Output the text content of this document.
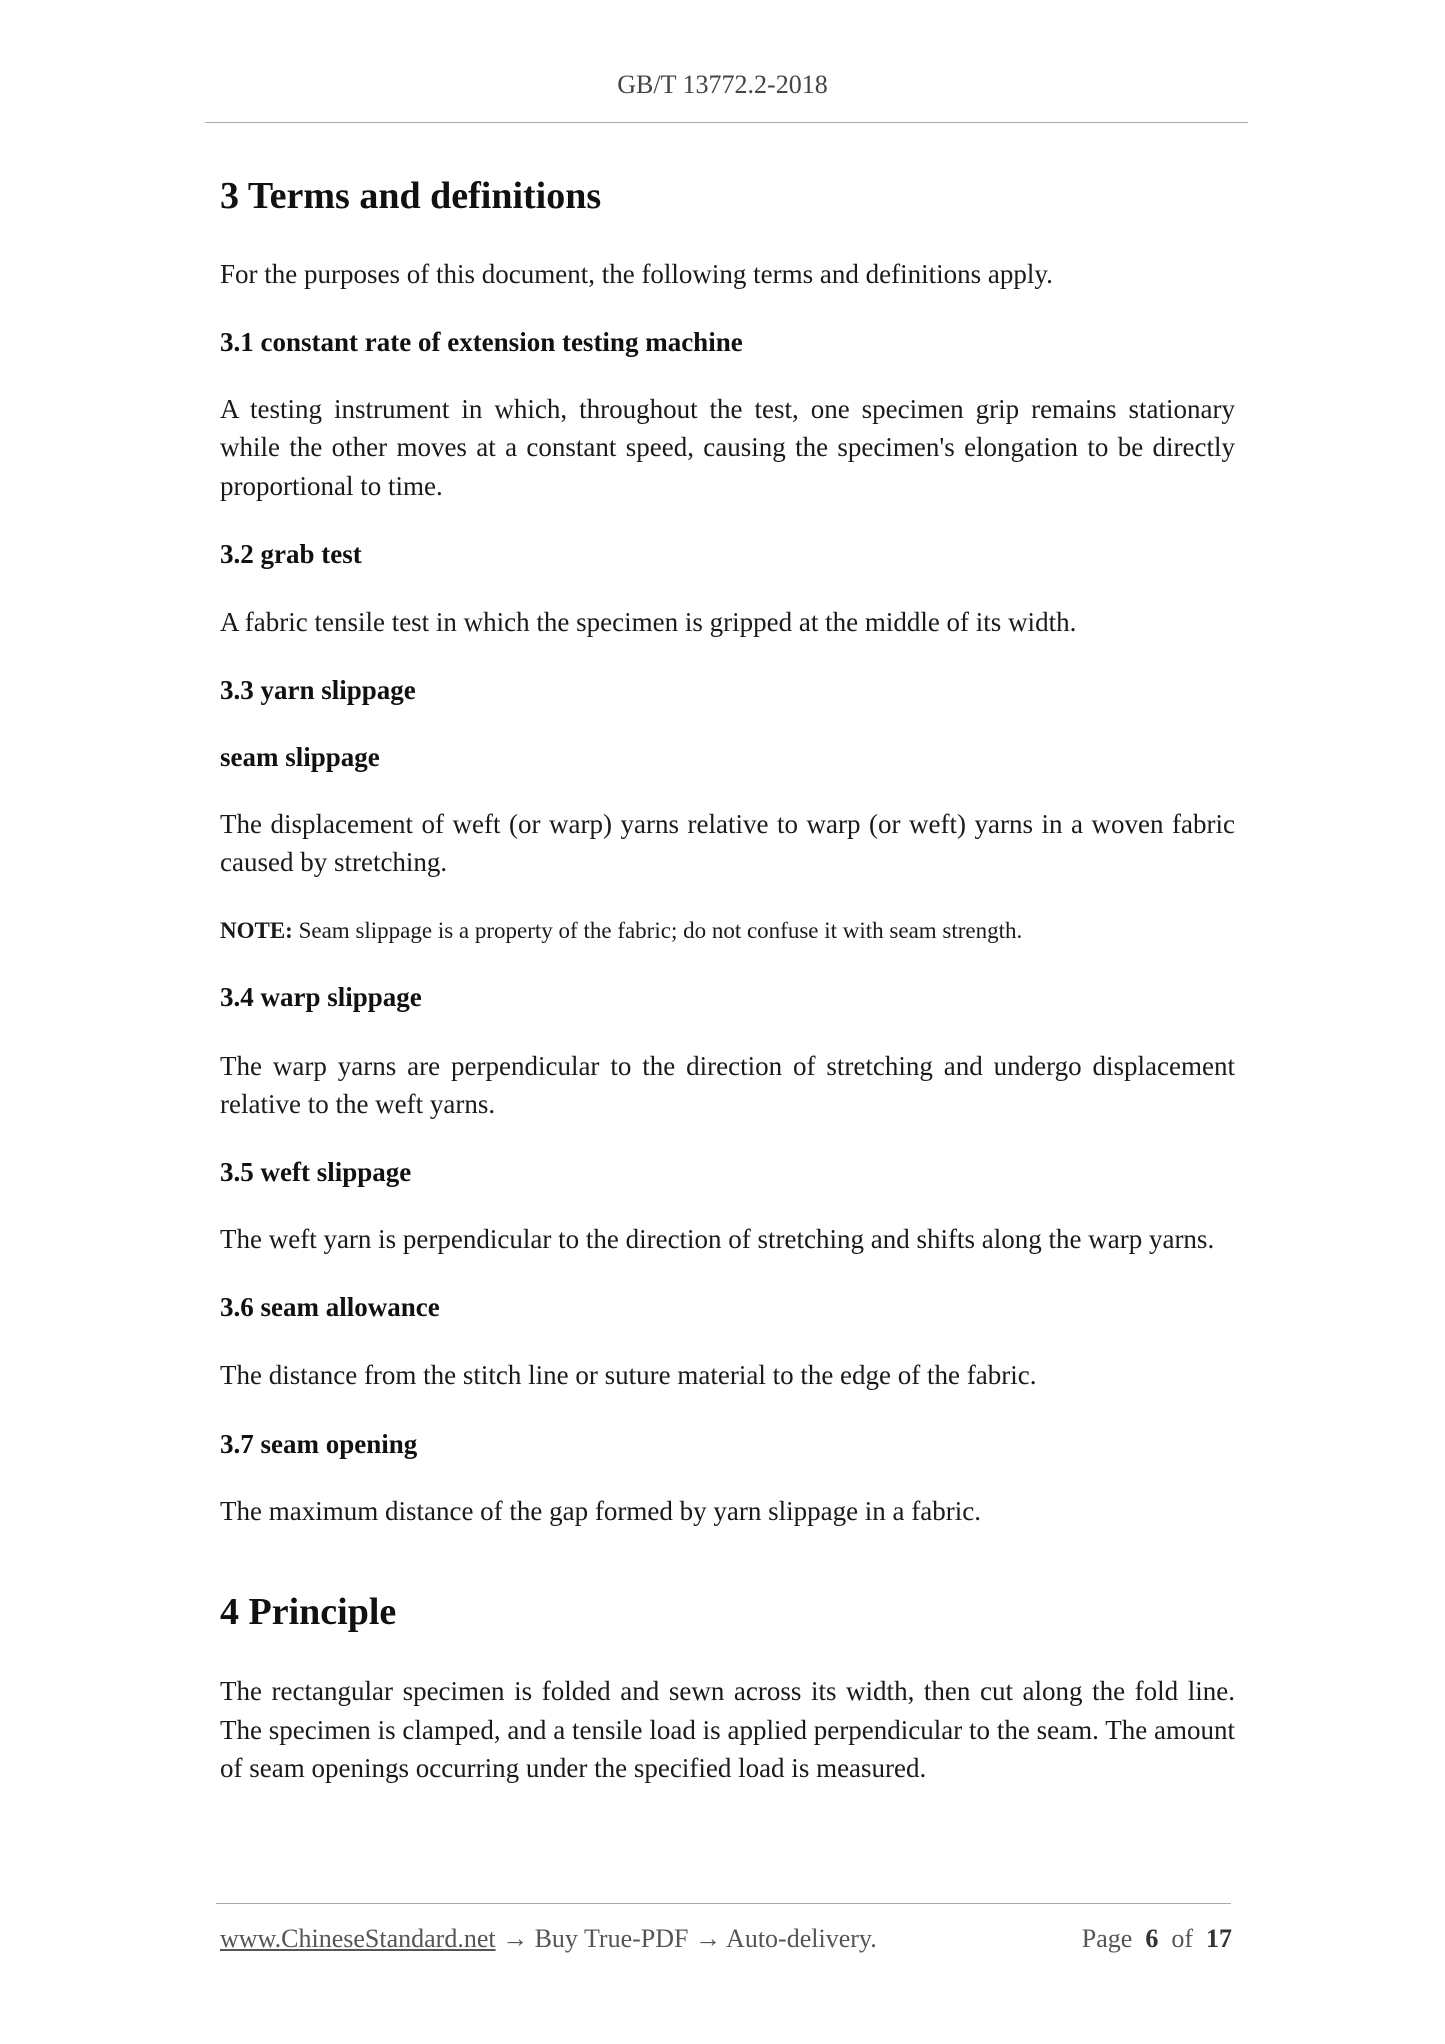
GB/T 13772.2-2018
3 Terms and definitions

For the purposes of this document, the following terms and definitions apply.

3.1 constant rate of extension testing machine

A testing instrument in which, throughout the test, one specimen grip remains stationary while the other moves at a constant speed, causing the specimen's elongation to be directly proportional to time.

3.2 grab test

A fabric tensile test in which the specimen is gripped at the middle of its width.

3.3 yarn slippage
seam slippage

The displacement of weft (or warp) yarns relative to warp (or weft) yarns in a woven fabric caused by stretching.

NOTE: Seam slippage is a property of the fabric; do not confuse it with seam strength.

3.4 warp slippage

The warp yarns are perpendicular to the direction of stretching and undergo displacement relative to the weft yarns.

3.5 weft slippage

The weft yarn is perpendicular to the direction of stretching and shifts along the warp yarns.

3.6 seam allowance

The distance from the stitch line or suture material to the edge of the fabric.

3.7 seam opening

The maximum distance of the gap formed by yarn slippage in a fabric.

4 Principle

The rectangular specimen is folded and sewn across its width, then cut along the fold line. The specimen is clamped, and a tensile load is applied perpendicular to the seam. The amount of seam openings occurring under the specified load is measured.

www.ChineseStandard.net → Buy True-PDF → Auto-delivery.	Page 6 of 17
